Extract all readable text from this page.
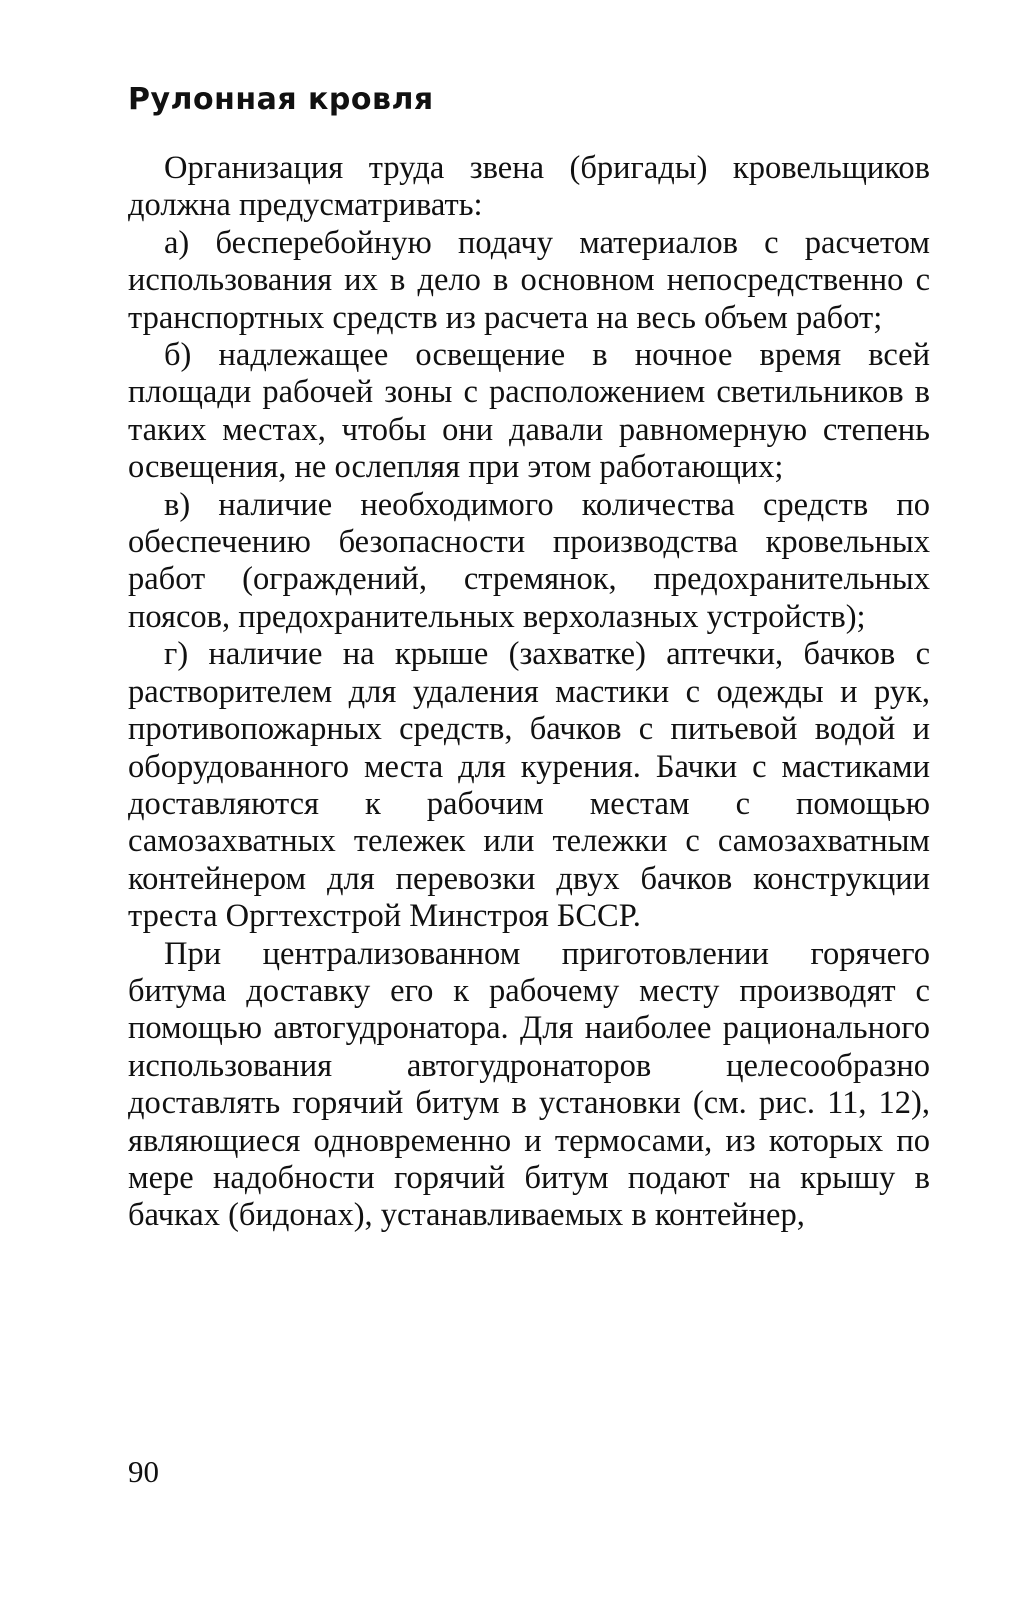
Рулонная кровля

Организация труда звена (бригады) кровельщиков должна предусматривать:

а) бесперебойную подачу материалов с расчетом использования их в дело в основном непосредственно с транспортных средств из расчета на весь объем работ;

б) надлежащее освещение в ночное время всей площади рабочей зоны с расположением светильников в таких местах, чтобы они давали равномерную степень освещения, не ослепляя при этом работающих;

в) наличие необходимого количества средств по обеспечению безопасности производства кровельных работ (ограждений, стремянок, предохранительных поясов, предохранительных верхолазных устройств);

г) наличие на крыше (захватке) аптечки, бачков с растворителем для удаления мастики с одежды и рук, противопожарных средств, бачков с питьевой водой и оборудованного места для курения. Бачки с мастиками доставляются к рабочим местам с помощью самозахватных тележек или тележки с самозахватным контейнером для перевозки двух бачков конструкции треста Оргтехстрой Минстроя БССР.

При централизованном приготовлении горячего битума доставку его к рабочему месту производят с помощью автогудронатора. Для наиболее рационального использования автогудронаторов целесообразно доставлять горячий битум в установки (см. рис. 11, 12), являющиеся одновременно и термосами, из которых по мере надобности горячий битум подают на крышу в бачках (бидонах), устанавливаемых в контейнер,

90
